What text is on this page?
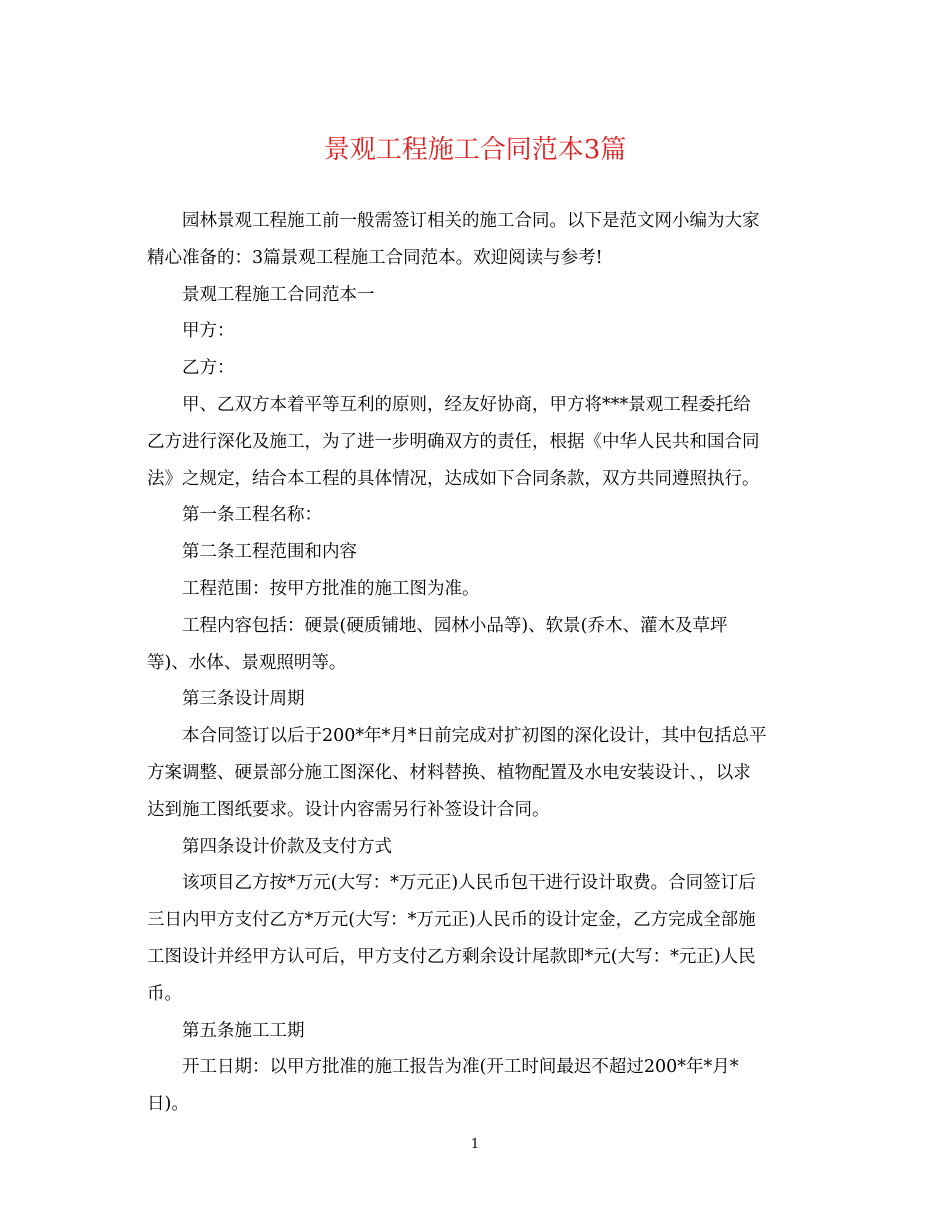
景观工程施工合同范本3篇
园林景观工程施工前一般需签订相关的施工合同。以下是范文网小编为大家
精心准备的：3篇景观工程施工合同范本。欢迎阅读与参考!
景观工程施工合同范本一
甲方：
乙方：
甲、乙双方本着平等互利的原则，经友好协商，甲方将***景观工程委托给
乙方进行深化及施工，为了进一步明确双方的责任，根据《中华人民共和国合同
法》之规定，结合本工程的具体情况，达成如下合同条款，双方共同遵照执行。
第一条工程名称：
第二条工程范围和内容
工程范围：按甲方批准的施工图为准。
工程内容包括：硬景(硬质铺地、园林小品等)、软景(乔木、灌木及草坪
等)、水体、景观照明等。
第三条设计周期
本合同签订以后于200*年*月*日前完成对扩初图的深化设计，其中包括总平
方案调整、硬景部分施工图深化、材料替换、植物配置及水电安装设计、，以求
达到施工图纸要求。设计内容需另行补签设计合同。
第四条设计价款及支付方式
该项目乙方按*万元(大写：*万元正)人民币包干进行设计取费。合同签订后
三日内甲方支付乙方*万元(大写：*万元正)人民币的设计定金，乙方完成全部施
工图设计并经甲方认可后，甲方支付乙方剩余设计尾款即*元(大写：*元正)人民
币。
第五条施工工期
开工日期：以甲方批准的施工报告为准(开工时间最迟不超过200*年*月*
日)。
1
